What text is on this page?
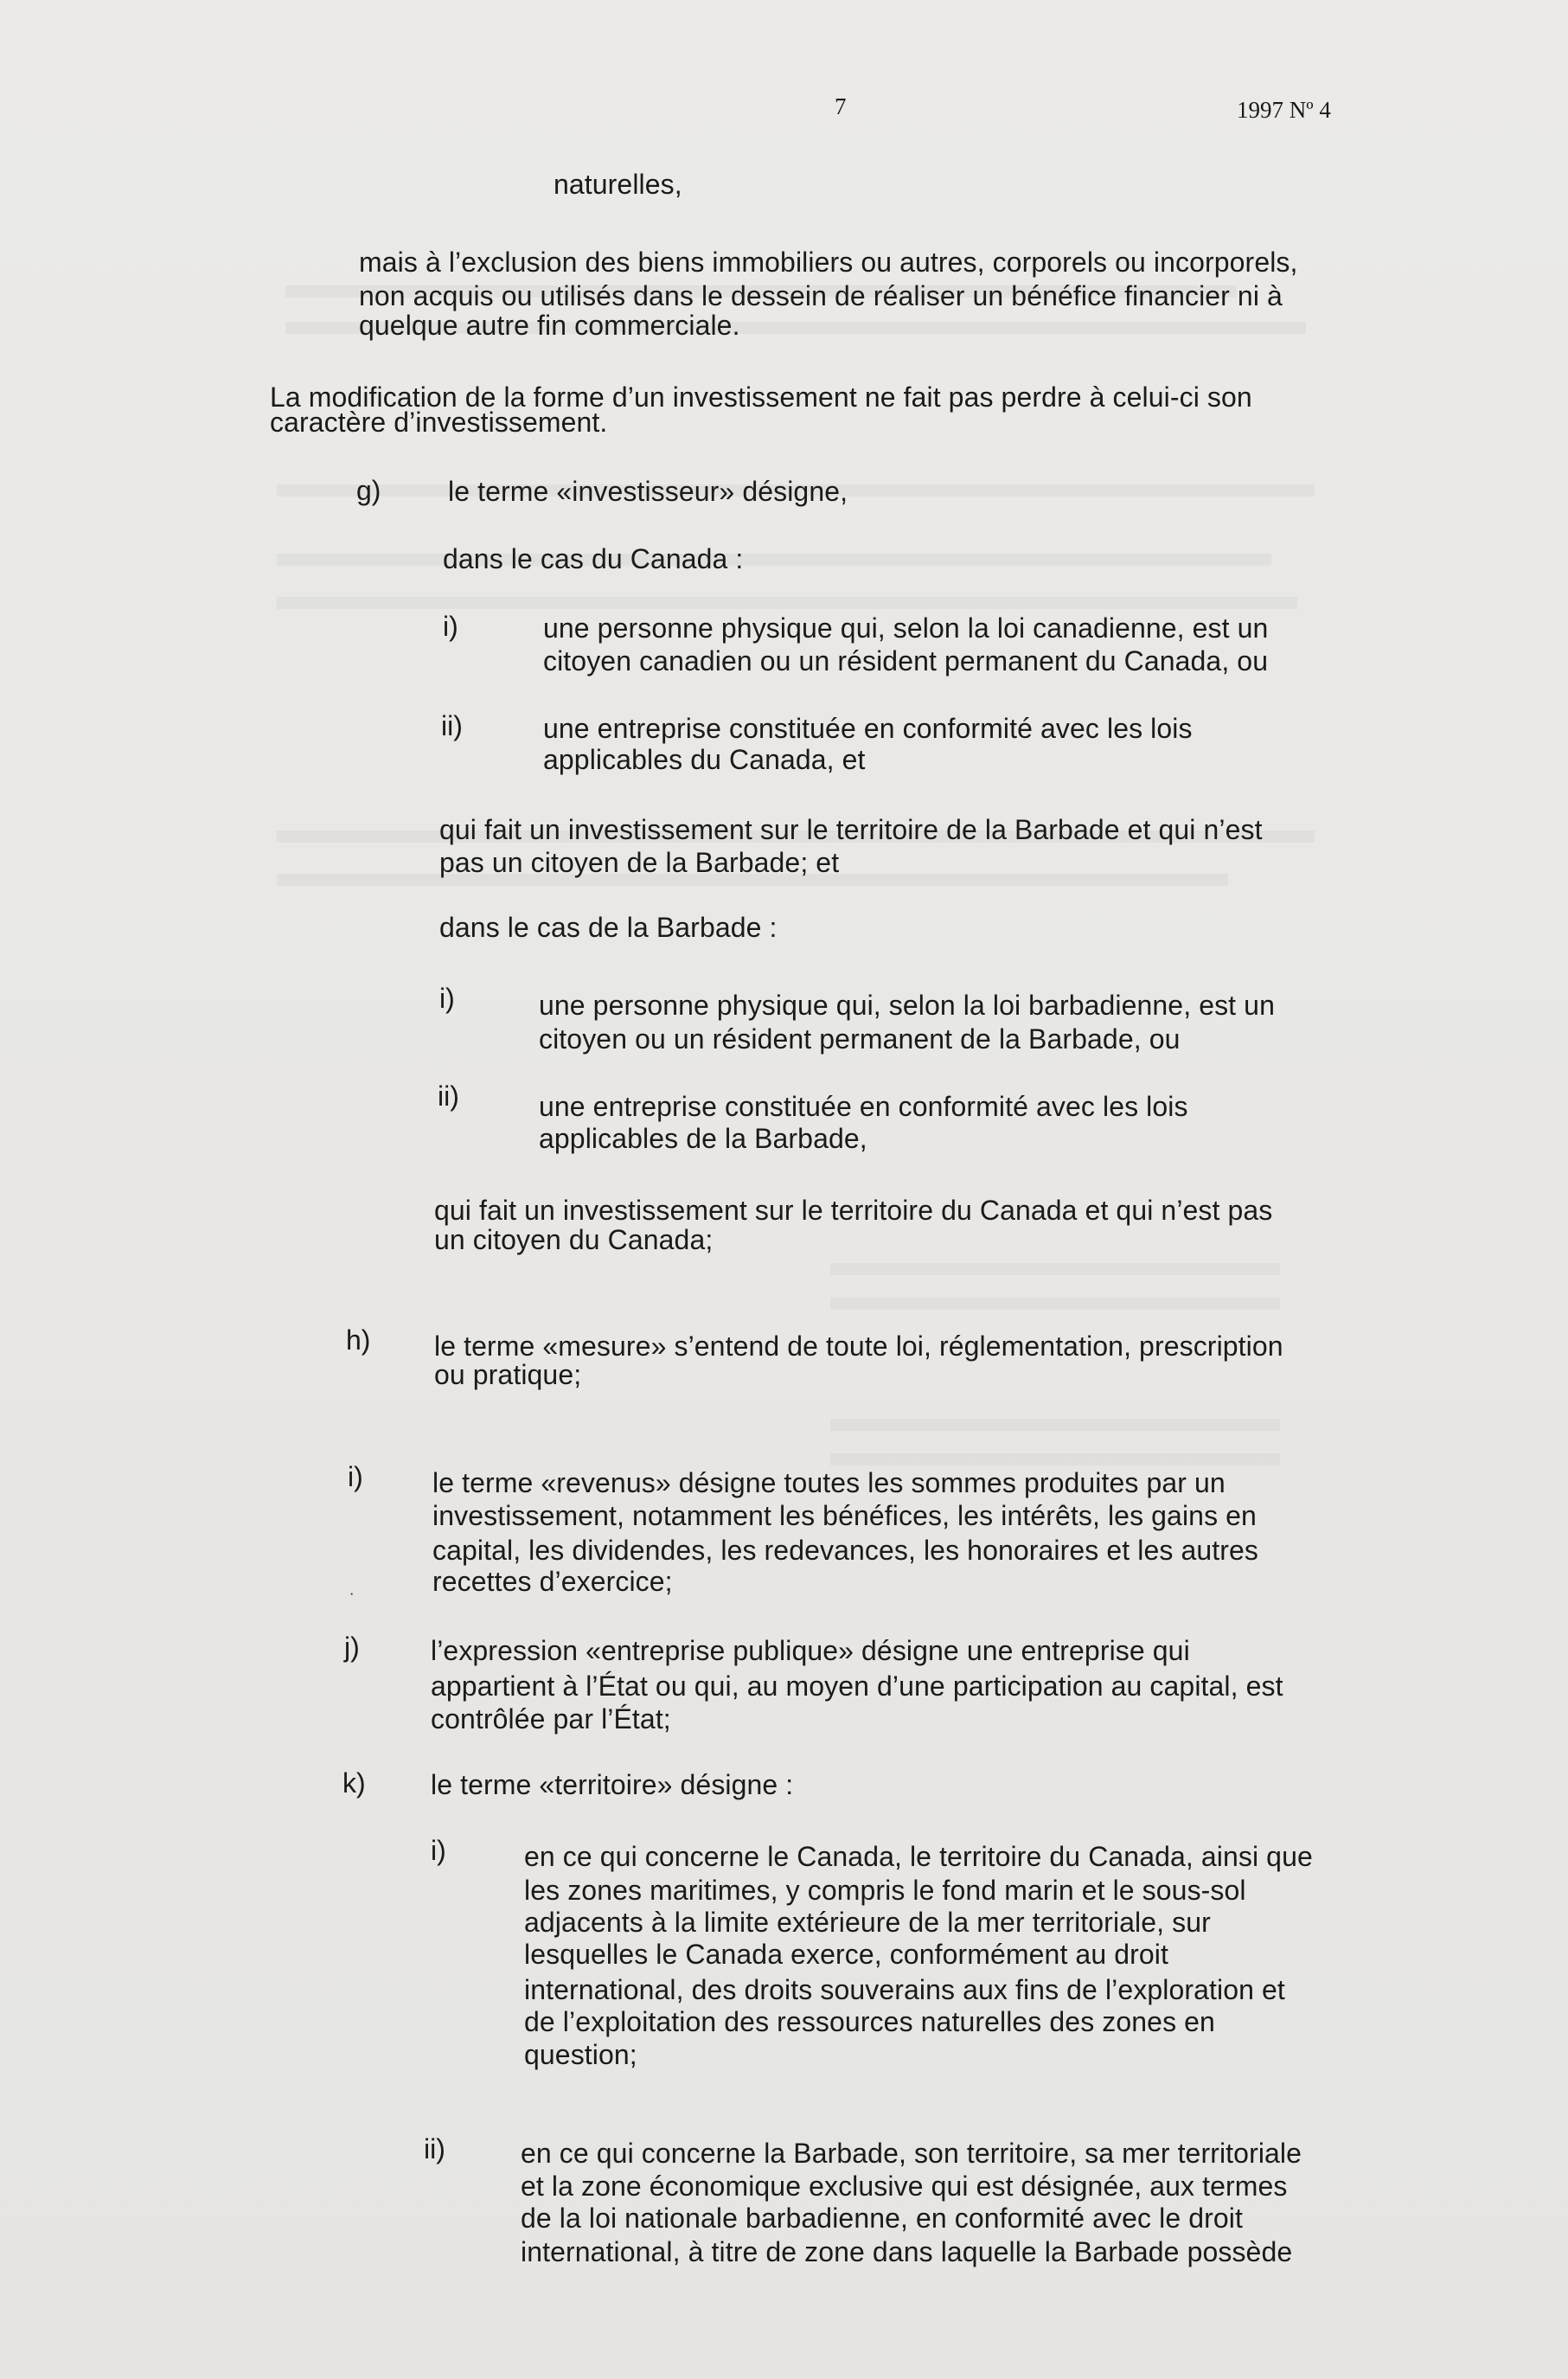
7	1997 Nº 4
naturelles,
mais à l’exclusion des biens immobiliers ou autres, corporels ou incorporels,
non acquis ou utilisés dans le dessein de réaliser un bénéfice financier ni à
quelque autre fin commerciale.
La modification de la forme d’un investissement ne fait pas perdre à celui-ci son
caractère d’investissement.
g) le terme «investisseur» désigne,
dans le cas du Canada :
i)	une personne physique qui, selon la loi canadienne, est un
citoyen canadien ou un résident permanent du Canada, ou
ii)	une entreprise constituée en conformité avec les lois
applicables du Canada, et
qui fait un investissement sur le territoire de la Barbade et qui n’est
pas un citoyen de la Barbade; et
dans le cas de la Barbade :
i)	une personne physique qui, selon la loi barbadienne, est un
citoyen ou un résident permanent de la Barbade, ou
ii)	une entreprise constituée en conformité avec les lois
applicables de la Barbade,
qui fait un investissement sur le territoire du Canada et qui n’est pas
un citoyen du Canada;
h) le terme «mesure» s’entend de toute loi, réglementation, prescription
ou pratique;
i)	le terme «revenus» désigne toutes les sommes produites par un
investissement, notamment les bénéfices, les intérêts, les gains en
capital, les dividendes, les redevances, les honoraires et les autres
recettes d’exercice;
˙
j)	l’expression «entreprise publique» désigne une entreprise qui
appartient à l’État ou qui, au moyen d’une participation au capital, est
contrôlée par l’État;
k) le terme «territoire» désigne :
i)	en ce qui concerne le Canada, le territoire du Canada, ainsi que
les zones maritimes, y compris le fond marin et le sous-sol
adjacents à la limite extérieure de la mer territoriale, sur
lesquelles le Canada exerce, conformément au droit
international, des droits souverains aux fins de l’exploration et
de l’exploitation des ressources naturelles des zones en
question;
ii)	en ce qui concerne la Barbade, son territoire, sa mer territoriale
et la zone économique exclusive qui est désignée, aux termes
de la loi nationale barbadienne, en conformité avec le droit
international, à titre de zone dans laquelle la Barbade possède
